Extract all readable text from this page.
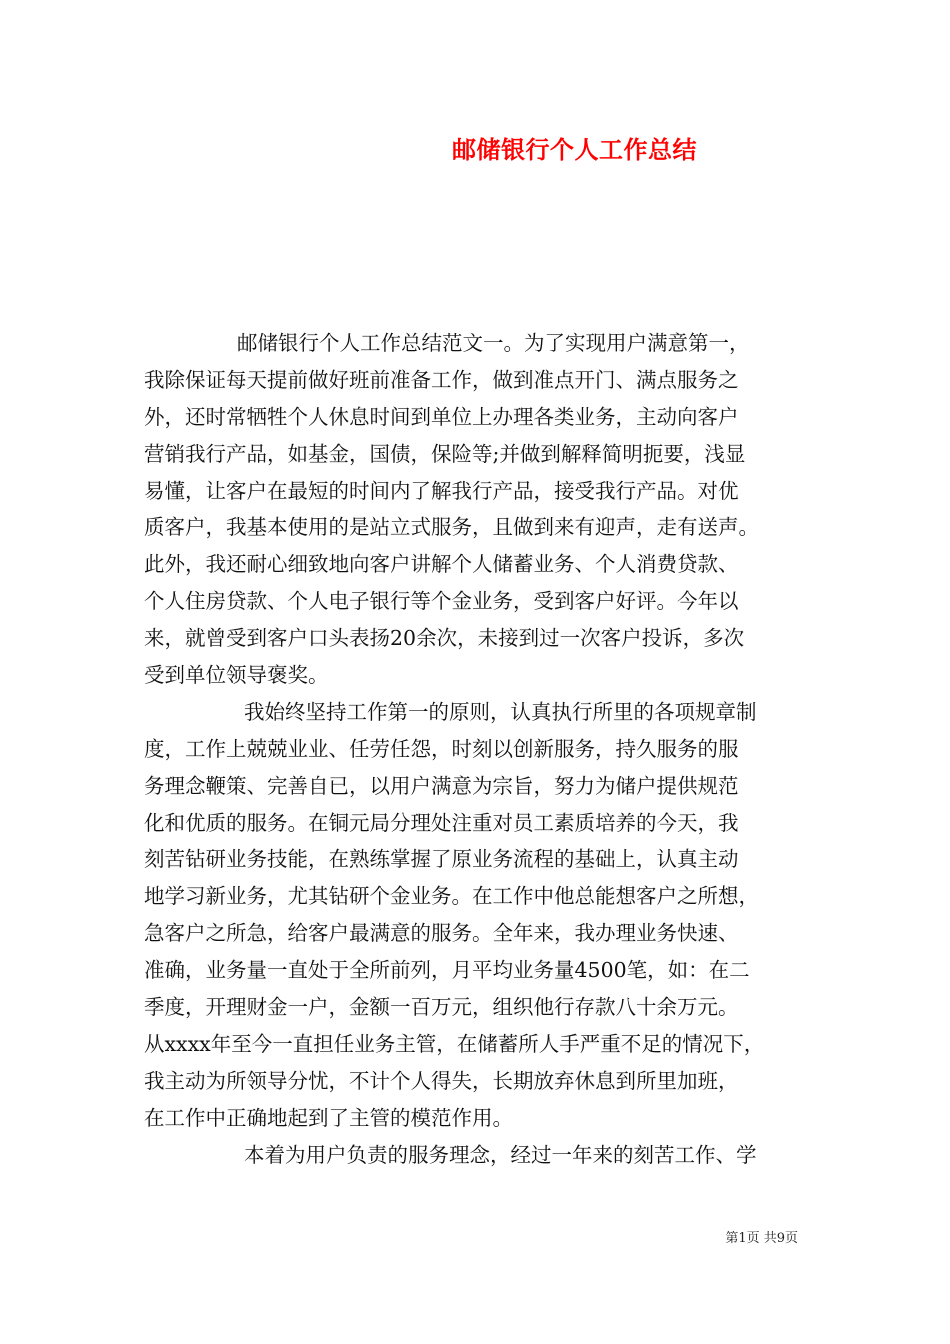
邮储银行个人工作总结
邮储银行个人工作总结范文一。为了实现用户满意第一，
我除保证每天提前做好班前准备工作，做到准点开门、满点服务之
外，还时常牺牲个人休息时间到单位上办理各类业务，主动向客户
营销我行产品，如基金，国债，保险等;并做到解释简明扼要，浅显
易懂，让客户在最短的时间内了解我行产品，接受我行产品。对优
质客户，我基本使用的是站立式服务，且做到来有迎声，走有送声。
此外，我还耐心细致地向客户讲解个人储蓄业务、个人消费贷款、
个人住房贷款、个人电子银行等个金业务，受到客户好评。今年以
来，就曾受到客户口头表扬20余次，未接到过一次客户投诉，多次
受到单位领导褒奖。
我始终坚持工作第一的原则，认真执行所里的各项规章制
度，工作上兢兢业业、任劳任怨，时刻以创新服务，持久服务的服
务理念鞭策、完善自已，以用户满意为宗旨，努力为储户提供规范
化和优质的服务。在铜元局分理处注重对员工素质培养的今天，我
刻苦钻研业务技能，在熟练掌握了原业务流程的基础上，认真主动
地学习新业务，尤其钻研个金业务。在工作中他总能想客户之所想，
急客户之所急，给客户最满意的服务。全年来，我办理业务快速、
准确，业务量一直处于全所前列，月平均业务量4500笔，如：在二
季度，开理财金一户，金额一百万元，组织他行存款八十余万元。
从xxxx年至今一直担任业务主管，在储蓄所人手严重不足的情况下，
我主动为所领导分忧，不计个人得失，长期放弃休息到所里加班，
在工作中正确地起到了主管的模范作用。
本着为用户负责的服务理念，经过一年来的刻苦工作、学
第1页 共9页
